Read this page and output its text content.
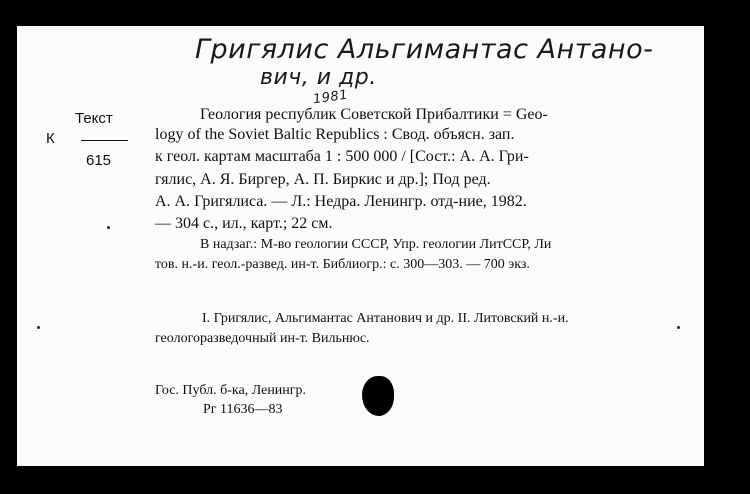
Григялис Альгимантас Антано-
вич, и др.
1981
Текст
К
615
Геология республик Советской Прибалтики = Geo-
logy of the Soviet Baltic Republics : Свод. объясн. зап.
к геол. картам масштаба 1 : 500 000 / [Сост.: А. А. Гри-
гялис, А. Я. Биргер, А. П. Биркис и др.]; Под ред.
А. А. Григялиса. — Л.: Недра. Ленингр. отд-ние, 1982.
— 304 с., ил., карт.; 22 см.
В надзаг.: М-во геологии СССР, Упр. геологии ЛитССР, Ли
тов. н.-и. геол.-развед. ин-т. Библиогр.: с. 300—303. — 700 экз.
I. Григялис, Альгимантас Антанович и др. II. Литовский н.-и.
геологоразведочный ин-т. Вильнюс.
Гос. Публ. б-ка, Ленингр.
Рг 11636—83
